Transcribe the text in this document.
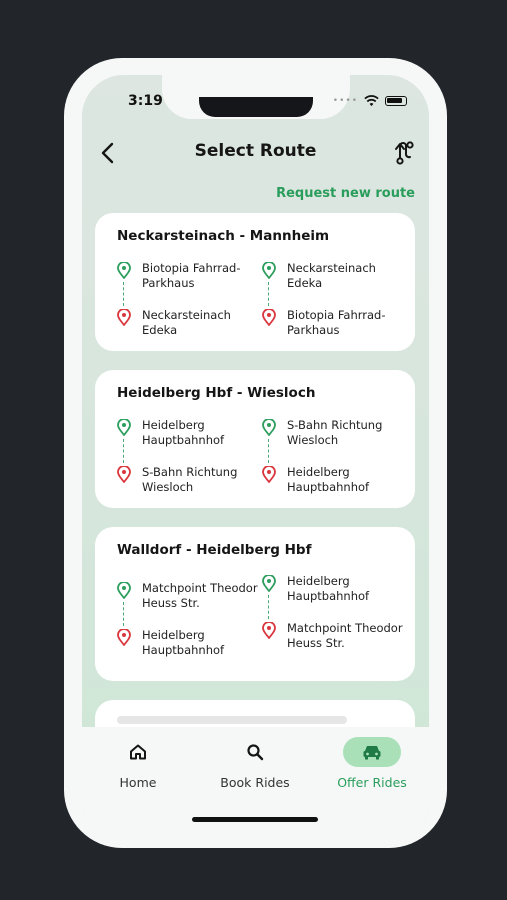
3:19	••••
Select Route
Request new route
Neckarsteinach - Mannheim
Biotopia Fahrrad-Parkhaus
Neckarsteinach Edeka
Neckarsteinach Edeka
Biotopia Fahrrad-Parkhaus
Heidelberg Hbf - Wiesloch
Heidelberg Hauptbahnhof
S-Bahn Richtung Wiesloch
S-Bahn Richtung Wiesloch
Heidelberg Hauptbahnhof
Walldorf - Heidelberg Hbf
Matchpoint Theodor Heuss Str.
Heidelberg Hauptbahnhof
Heidelberg Hauptbahnhof
Matchpoint Theodor Heuss Str.
Home	Book Rides	Offer Rides
